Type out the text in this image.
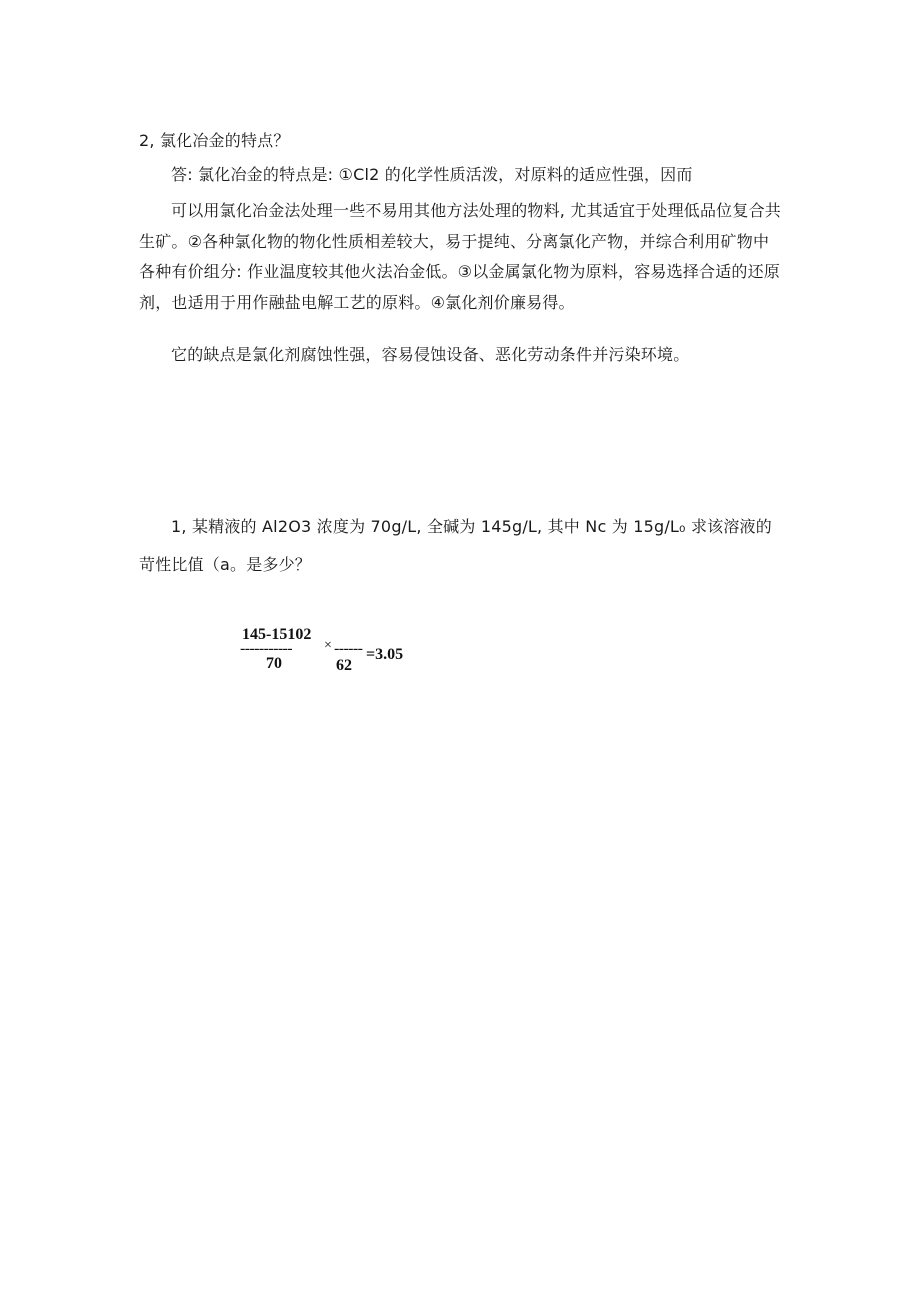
2, 氯化冶金的特点？

答: 氯化冶金的特点是: ①Cl2 的化学性质活泼，对原料的适应性强，因而

可以用氯化冶金法处理一些不易用其他方法处理的物料, 尤其适宜于处理低品位复合共生矿。②各种氯化物的物化性质相差较大，易于提纯、分离氯化产物，并综合利用矿物中各种有价组分: 作业温度较其他火法冶金低。③以金属氯化物为原料，容易选择合适的还原剂，也适用于用作融盐电解工艺的原料。④氯化剂价廉易得。

它的缺点是氯化剂腐蚀性强，容易侵蚀设备、恶化劳动条件并污染环境。

1, 某精液的 Al2O3 浓度为 70g/L, 全碱为 145g/L, 其中 Nc 为 15g/L₀ 求该溶液的苛性比值（a。是多少？

145-15102
----------- × ------ =3.05
70	62
